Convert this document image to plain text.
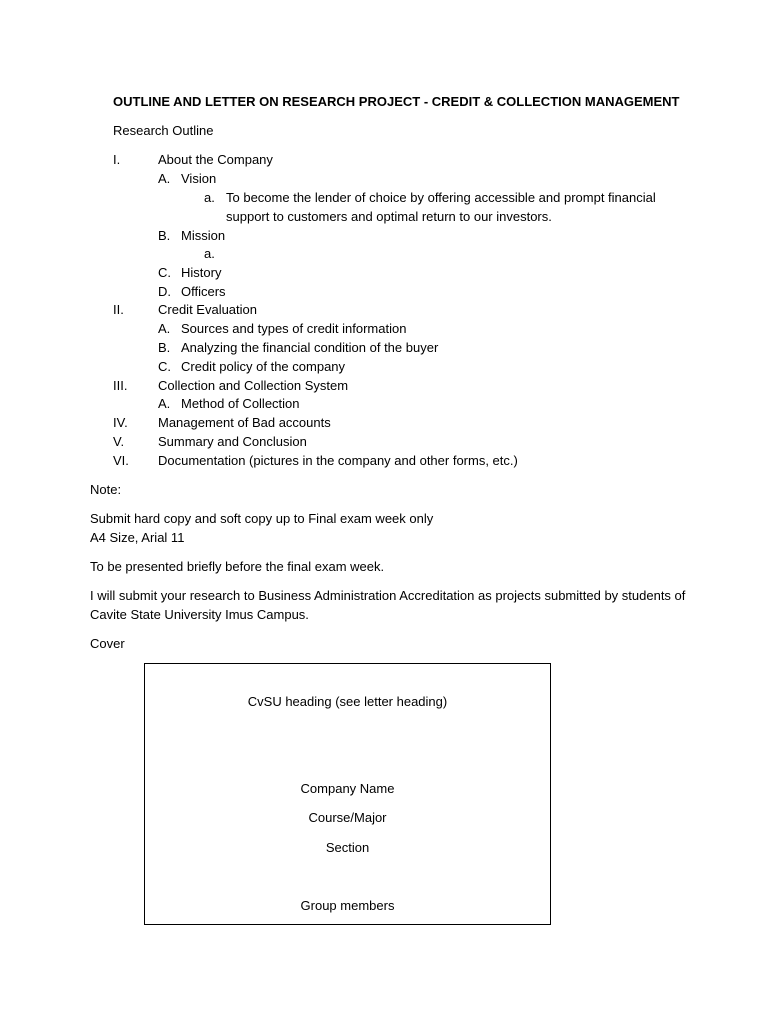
OUTLINE AND LETTER ON RESEARCH PROJECT - CREDIT & COLLECTION MANAGEMENT
Research Outline
I.	About the Company
A. Vision
a. To become the lender of choice by offering accessible and prompt financial
support to customers and optimal return to our investors.
B. Mission
a.
C. History
D. Officers
II.	Credit Evaluation
A. Sources and types of credit information
B. Analyzing the financial condition of the buyer
C. Credit policy of the company
III. Collection and Collection System
A. Method of Collection
IV. Management of Bad accounts
V.	Summary and Conclusion
VI. Documentation (pictures in the company and other forms, etc.)
Note:
Submit hard copy and soft copy up to Final exam week only
A4 Size, Arial 11
To be presented briefly before the final exam week.
I will submit your research to Business Administration Accreditation as projects submitted by students of
Cavite State University Imus Campus.
Cover
CvSU heading (see letter heading)
Company Name
Course/Major
Section
Group members
